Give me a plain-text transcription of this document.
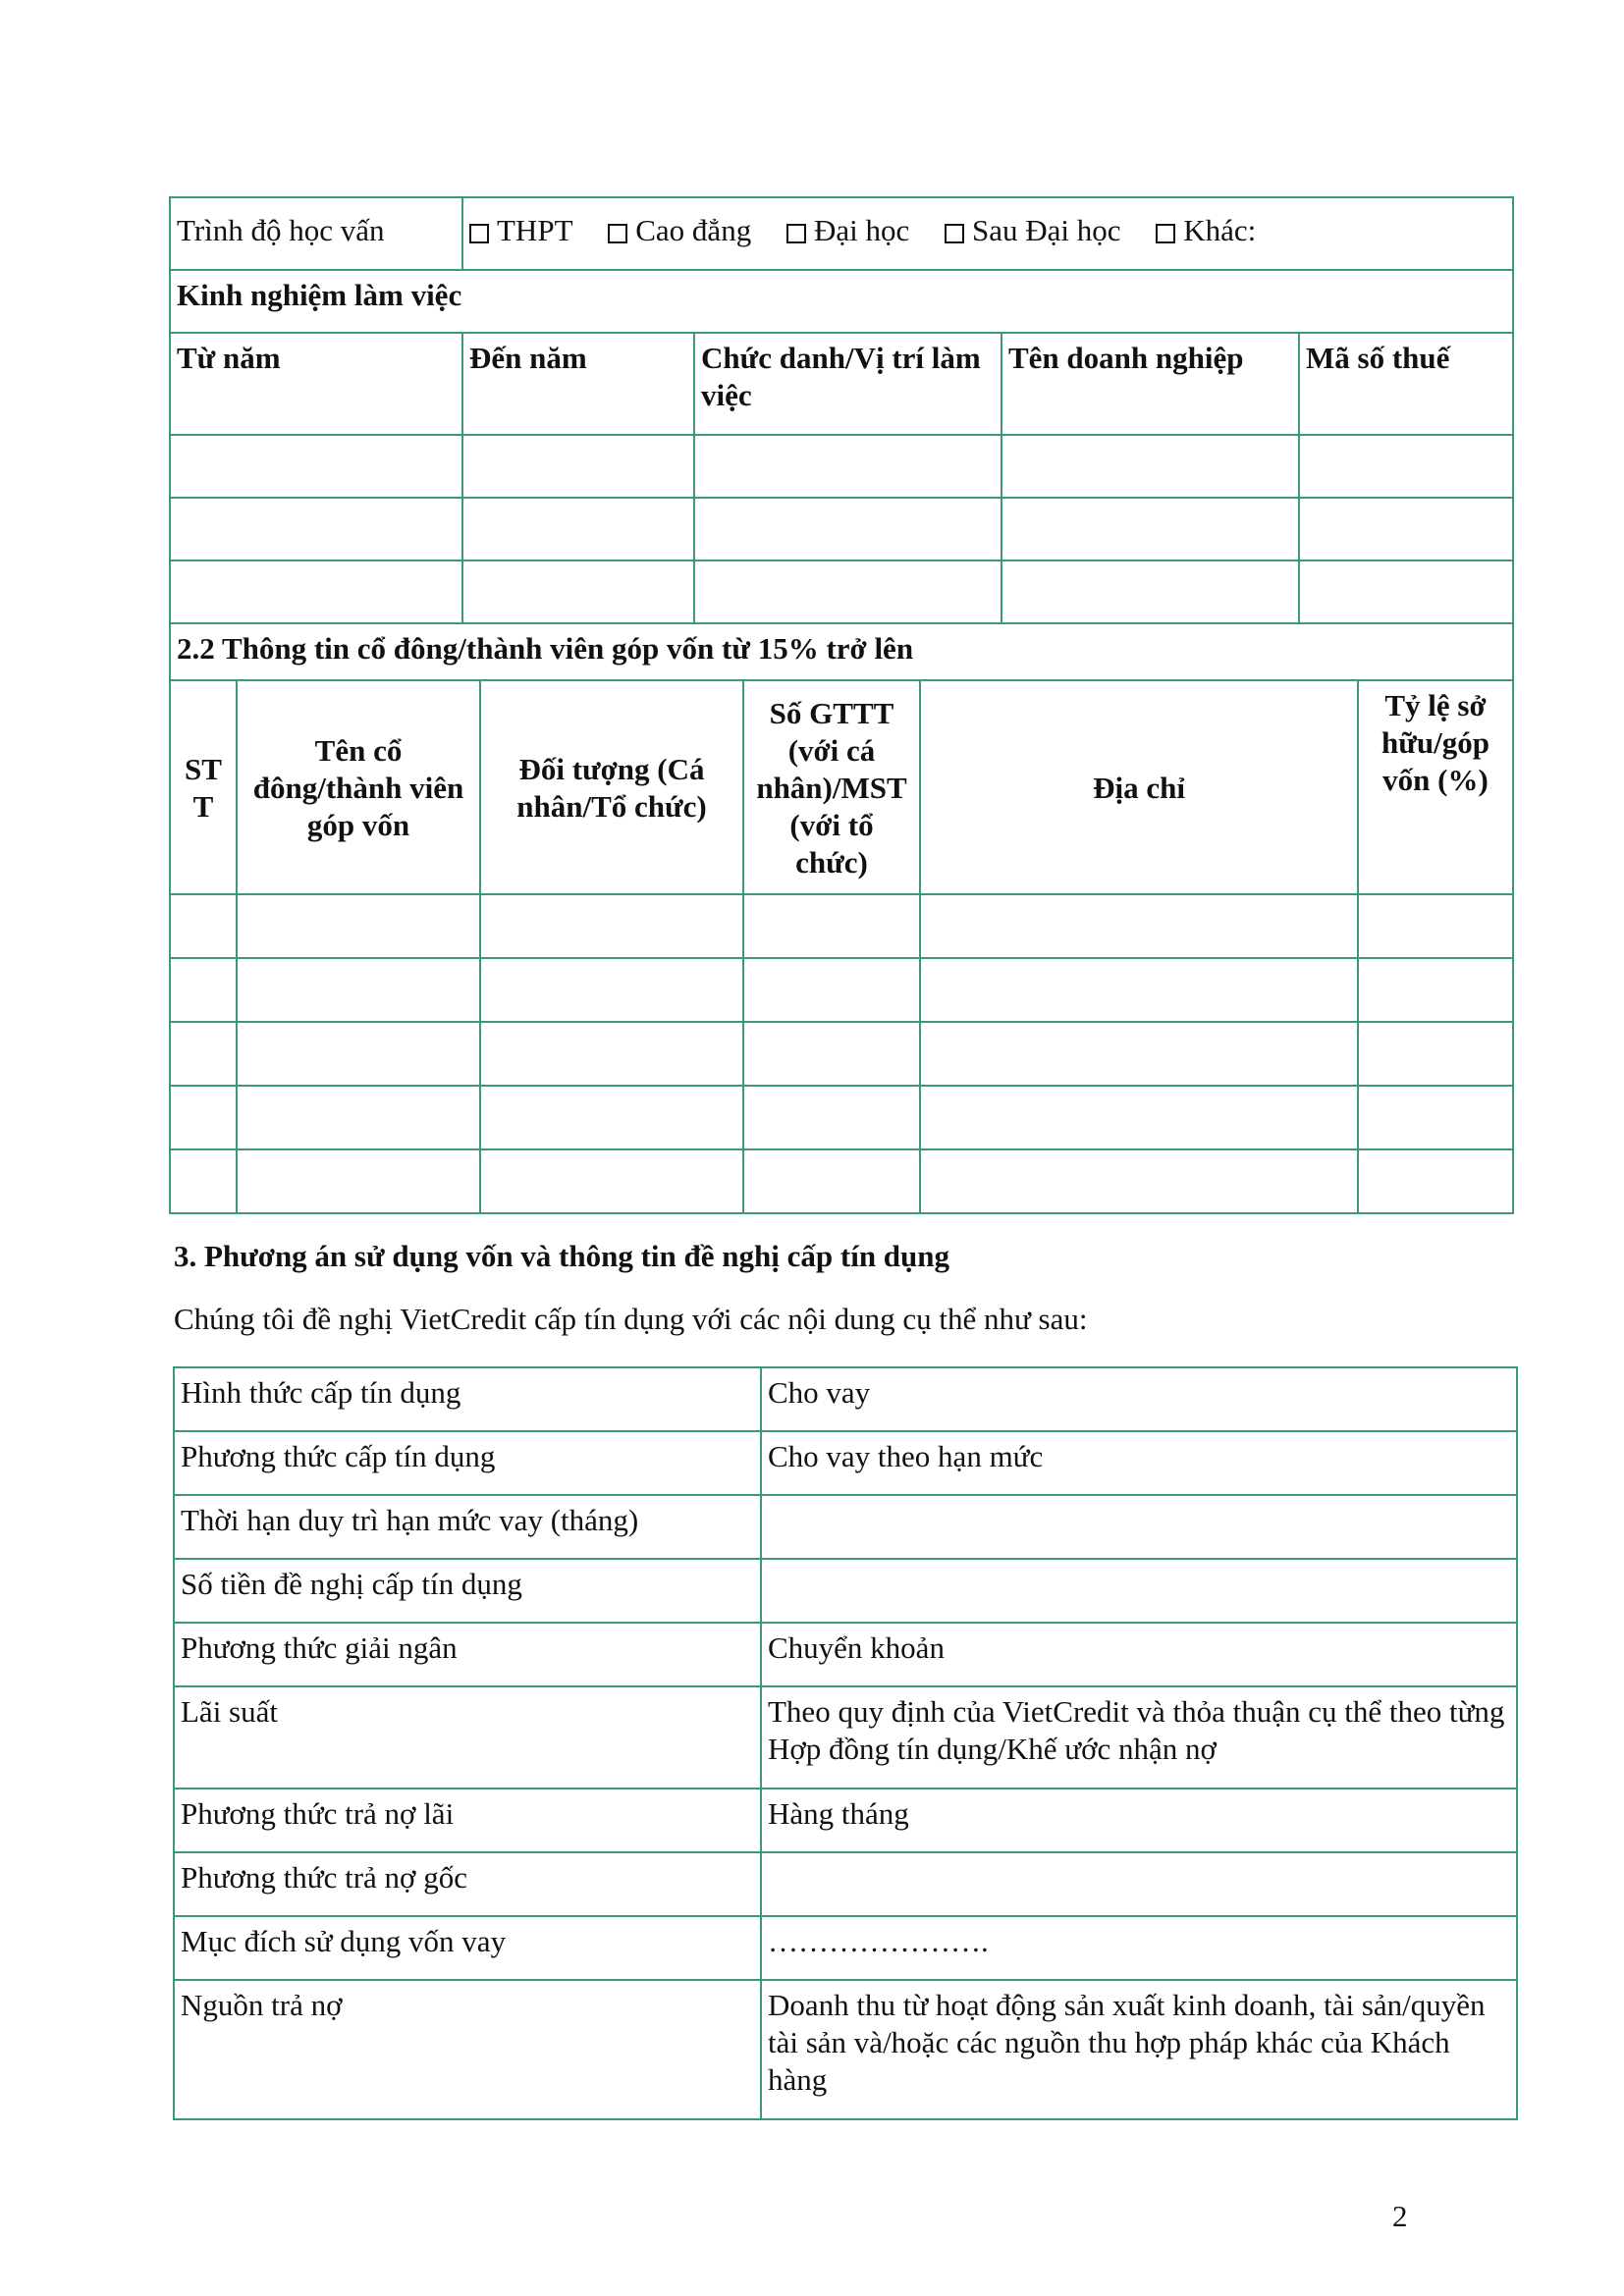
Trình độ học vấn	THPT Cao đẳng Đại học Sau Đại học Khác:			
Kinh nghiệm làm việc				
Từ năm	Đến năm	Chức danh/Vị trí làm việc	Tên doanh nghiệp	Mã số thuế

2.2 Thông tin cổ đông/thành viên góp vốn từ 15% trở lên					
STT	Tên cổ đông/thành viên góp vốn	Đối tượng (Cá nhân/Tổ chức)	Số GTTT (với cá nhân)/MST (với tổ chức)	Địa chỉ	Tỷ lệ sở hữu/góp vốn (%)

3. Phương án sử dụng vốn và thông tin đề nghị cấp tín dụng
Chúng tôi đề nghị VietCredit cấp tín dụng với các nội dung cụ thể như sau:
Hình thức cấp tín dụng	Cho vay
Phương thức cấp tín dụng	Cho vay theo hạn mức
Thời hạn duy trì hạn mức vay (tháng)	
Số tiền đề nghị cấp tín dụng	
Phương thức giải ngân	Chuyển khoản
Lãi suất	Theo quy định của VietCredit và thỏa thuận cụ thể theo từng Hợp đồng tín dụng/Khế ước nhận nợ
Phương thức trả nợ lãi	Hàng tháng
Phương thức trả nợ gốc	
Mục đích sử dụng vốn vay	………………….
Nguồn trả nợ	Doanh thu từ hoạt động sản xuất kinh doanh, tài sản/quyền tài sản và/hoặc các nguồn thu hợp pháp khác của Khách hàng
2
